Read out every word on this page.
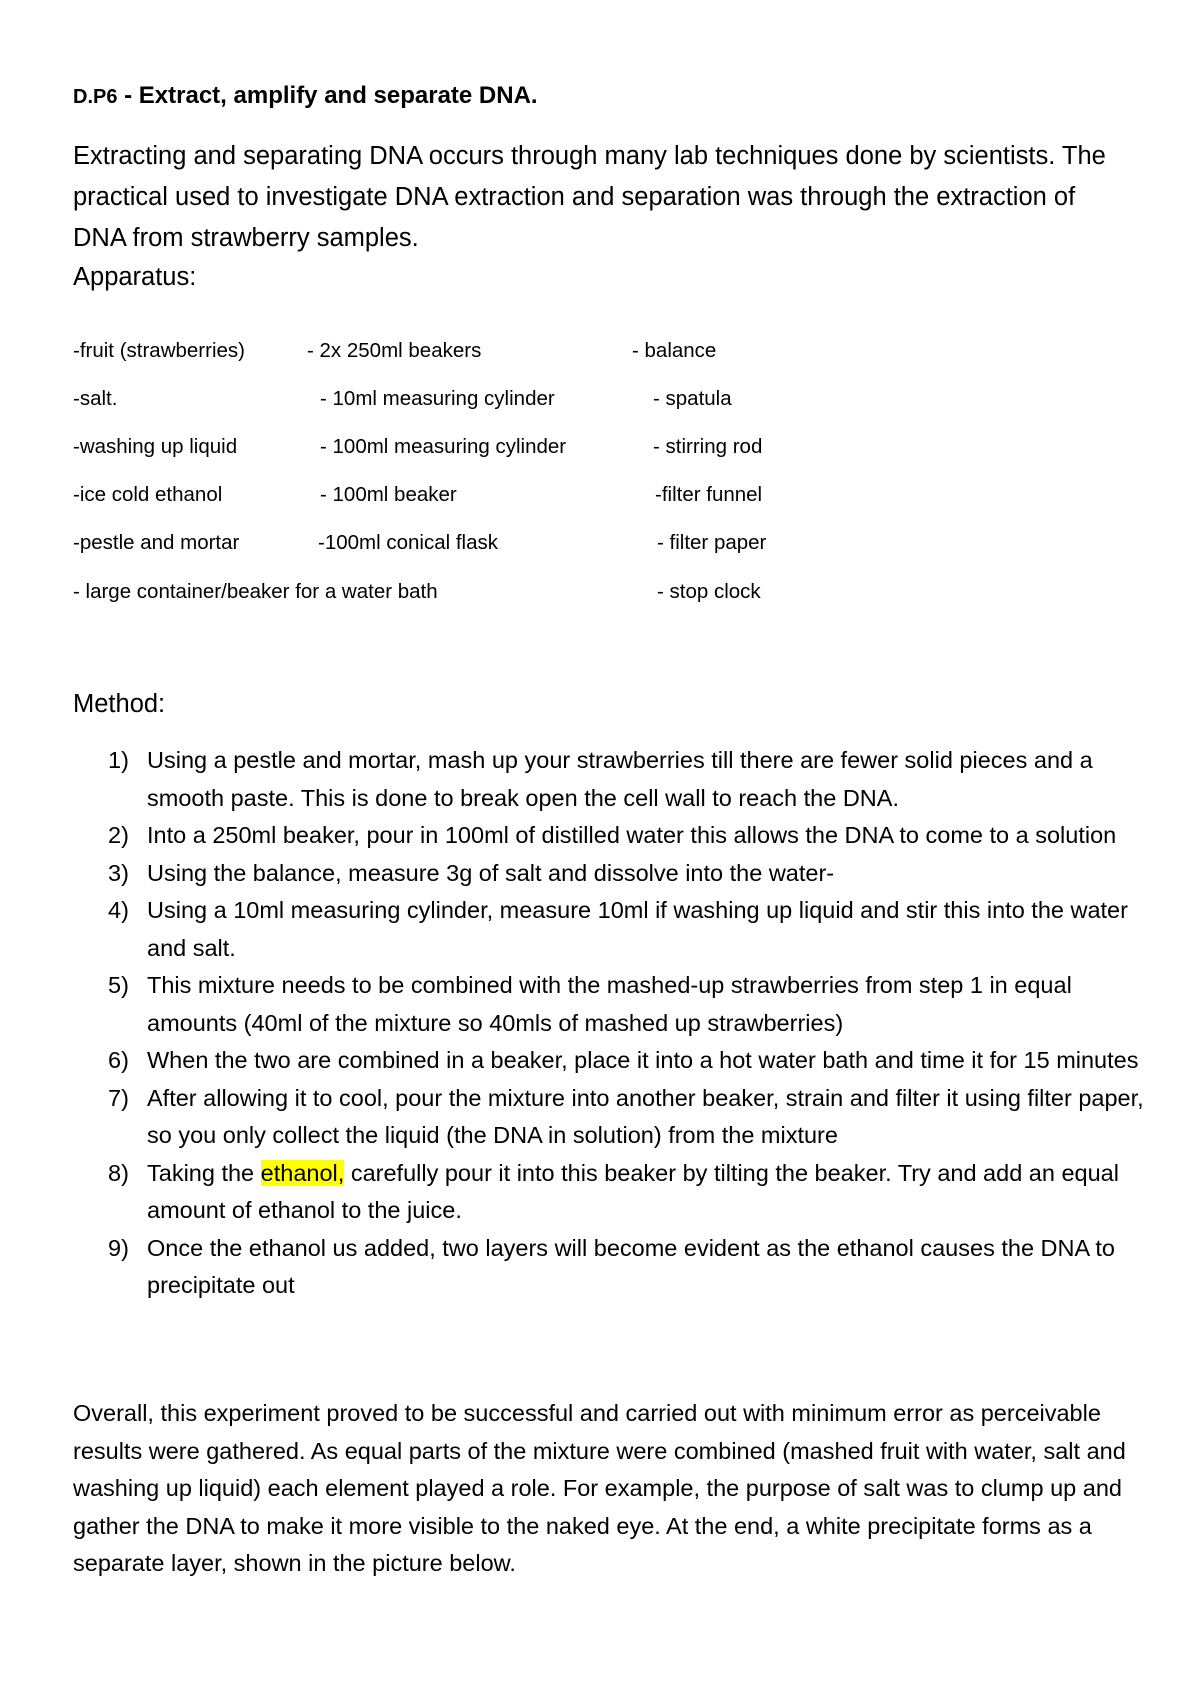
D.P6 - Extract, amplify and separate DNA.

Extracting and separating DNA occurs through many lab techniques done by scientists. The practical used to investigate DNA extraction and separation was through the extraction of DNA from strawberry samples.

Apparatus:
-fruit (strawberries)
-salt.
-washing up liquid
-ice cold ethanol
-pestle and mortar
- large container/beaker for a water bath
- 2x 250ml beakers
- 10ml measuring cylinder
- 100ml measuring cylinder
- 100ml beaker
-100ml conical flask
- balance
- spatula
- stirring rod
-filter funnel
- filter paper
- stop clock
Method:
1) Using a pestle and mortar, mash up your strawberries till there are fewer solid pieces and a smooth paste. This is done to break open the cell wall to reach the DNA.
2) Into a 250ml beaker, pour in 100ml of distilled water this allows the DNA to come to a solution
3) Using the balance, measure 3g of salt and dissolve into the water-
4) Using a 10ml measuring cylinder, measure 10ml if washing up liquid and stir this into the water and salt.
5) This mixture needs to be combined with the mashed-up strawberries from step 1 in equal amounts (40ml of the mixture so 40mls of mashed up strawberries)
6) When the two are combined in a beaker, place it into a hot water bath and time it for 15 minutes
7) After allowing it to cool, pour the mixture into another beaker, strain and filter it using filter paper, so you only collect the liquid (the DNA in solution) from the mixture
8) Taking the ethanol, carefully pour it into this beaker by tilting the beaker. Try and add an equal amount of ethanol to the juice.
9) Once the ethanol us added, two layers will become evident as the ethanol causes the DNA to precipitate out

Overall, this experiment proved to be successful and carried out with minimum error as perceivable results were gathered. As equal parts of the mixture were combined (mashed fruit with water, salt and washing up liquid) each element played a role. For example, the purpose of salt was to clump up and gather the DNA to make it more visible to the naked eye. At the end, a white precipitate forms as a separate layer, shown in the picture below.
